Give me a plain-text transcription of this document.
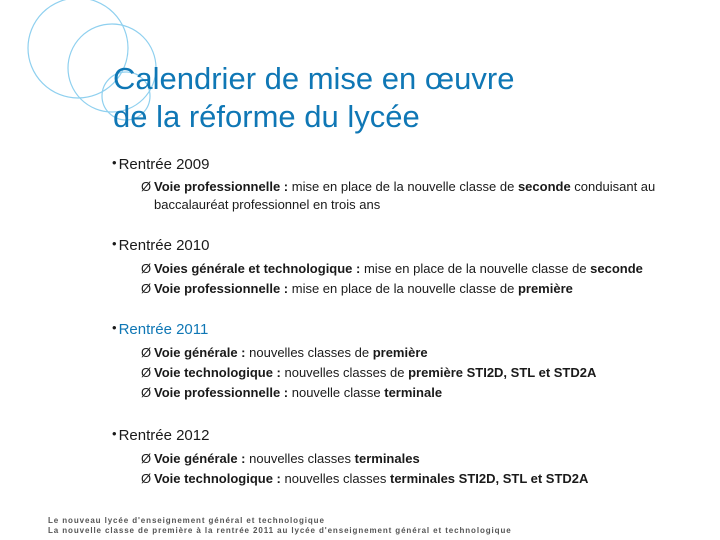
Calendrier de mise en œuvre
de la réforme du lycée
• Rentrée 2009
Ø Voie professionnelle : mise en place de la nouvelle classe de seconde conduisant au baccalauréat professionnel en trois ans
• Rentrée 2010
Ø Voies générale et technologique : mise en place de la nouvelle classe de seconde
Ø Voie professionnelle : mise en place de la nouvelle classe de première
• Rentrée 2011
Ø Voie générale : nouvelles classes de première
Ø Voie technologique : nouvelles classes de première STI2D, STL et STD2A
Ø Voie professionnelle : nouvelle classe terminale
• Rentrée 2012
Ø Voie générale : nouvelles classes terminales
Ø Voie technologique : nouvelles classes terminales STI2D, STL et STD2A
Le nouveau lycée d'enseignement général et technologique
La nouvelle classe de première à la rentrée 2011 au lycée d'enseignement général et technologique
